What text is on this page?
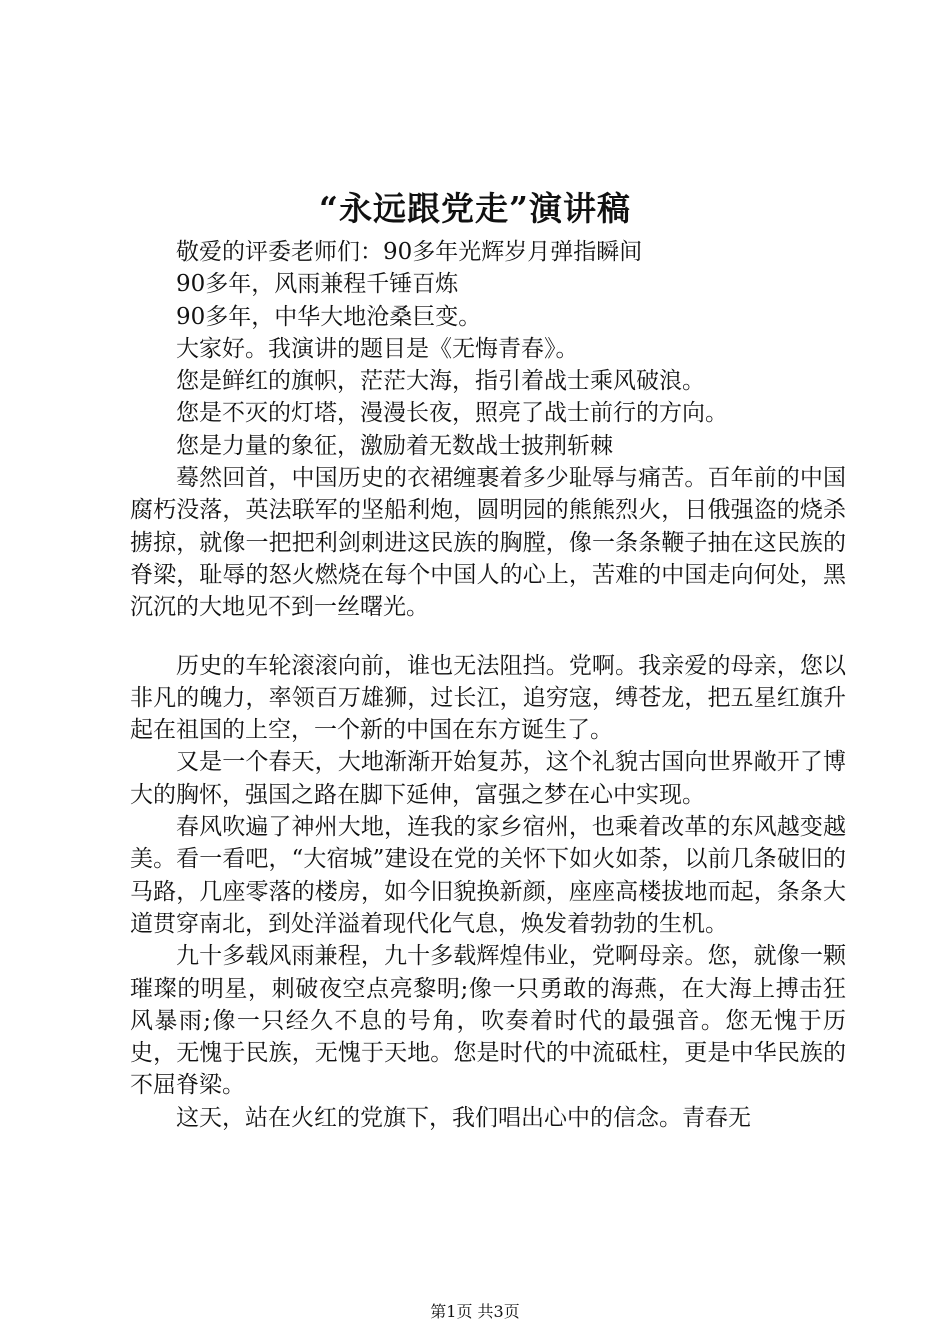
“永远跟党走”演讲稿

敬爱的评委老师们：90多年光辉岁月弹指瞬间

90多年，风雨兼程千锤百炼

90多年，中华大地沧桑巨变。

大家好。我演讲的题目是《无悔青春》。

您是鲜红的旗帜，茫茫大海，指引着战士乘风破浪。

您是不灭的灯塔，漫漫长夜，照亮了战士前行的方向。

您是力量的象征，激励着无数战士披荆斩棘

蓦然回首，中国历史的衣裙缠裹着多少耻辱与痛苦。百年前的中国腐朽没落，英法联军的坚船利炮，圆明园的熊熊烈火，日俄强盗的烧杀掳掠，就像一把把利剑刺进这民族的胸膛，像一条条鞭子抽在这民族的脊梁，耻辱的怒火燃烧在每个中国人的心上，苦难的中国走向何处，黑沉沉的大地见不到一丝曙光。

历史的车轮滚滚向前，谁也无法阻挡。党啊。我亲爱的母亲，您以非凡的魄力，率领百万雄狮，过长江，追穷寇，缚苍龙，把五星红旗升起在祖国的上空，一个新的中国在东方诞生了。

又是一个春天，大地渐渐开始复苏，这个礼貌古国向世界敞开了博大的胸怀，强国之路在脚下延伸，富强之梦在心中实现。

春风吹遍了神州大地，连我的家乡宿州，也乘着改革的东风越变越美。看一看吧，“大宿城”建设在党的关怀下如火如荼，以前几条破旧的马路，几座零落的楼房，如今旧貌换新颜，座座高楼拔地而起，条条大道贯穿南北，到处洋溢着现代化气息，焕发着勃勃的生机。

九十多载风雨兼程，九十多载辉煌伟业，党啊母亲。您，就像一颗璀璨的明星，刺破夜空点亮黎明;像一只勇敢的海燕，在大海上搏击狂风暴雨;像一只经久不息的号角，吹奏着时代的最强音。您无愧于历史，无愧于民族，无愧于天地。您是时代的中流砥柱，更是中华民族的不屈脊梁。

这天，站在火红的党旗下，我们唱出心中的信念。青春无

第1页 共3页
